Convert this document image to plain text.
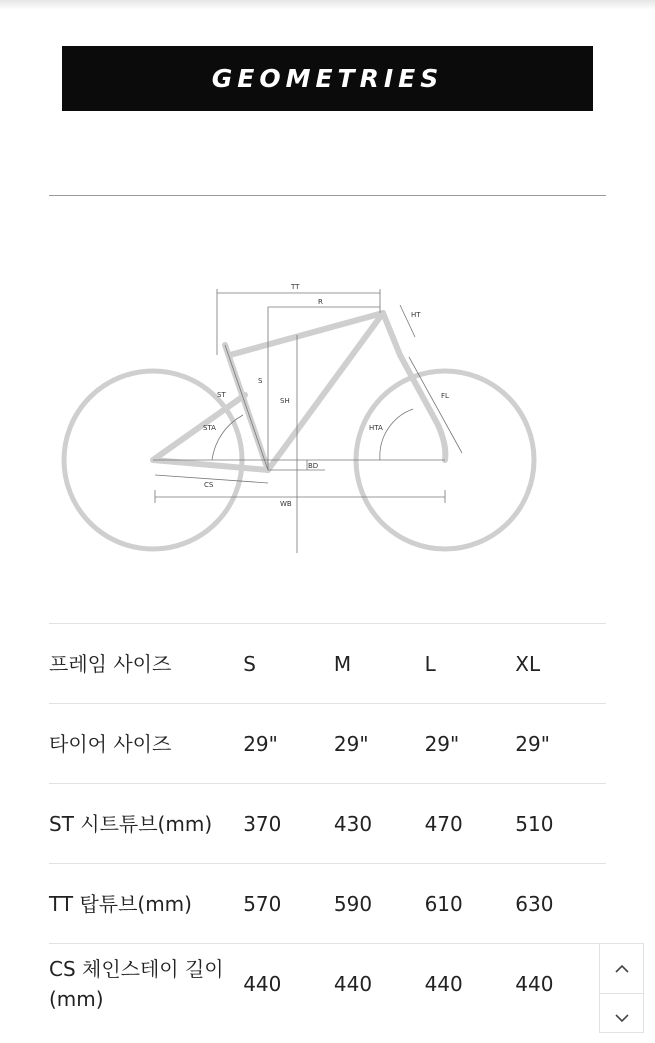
GEOMETRIES
TT
R
HT
S
ST
SH
FL
STA	HTA
BD
CS
WB
프레임 사이즈	S	M	L	XL
타이어 사이즈	29"	29"	29"	29"
ST 시트튜브(mm)	370	430	470	510
TT 탑튜브(mm)	570	590	610	630
CS 체인스테이 길이(mm)	440	440	440	440
